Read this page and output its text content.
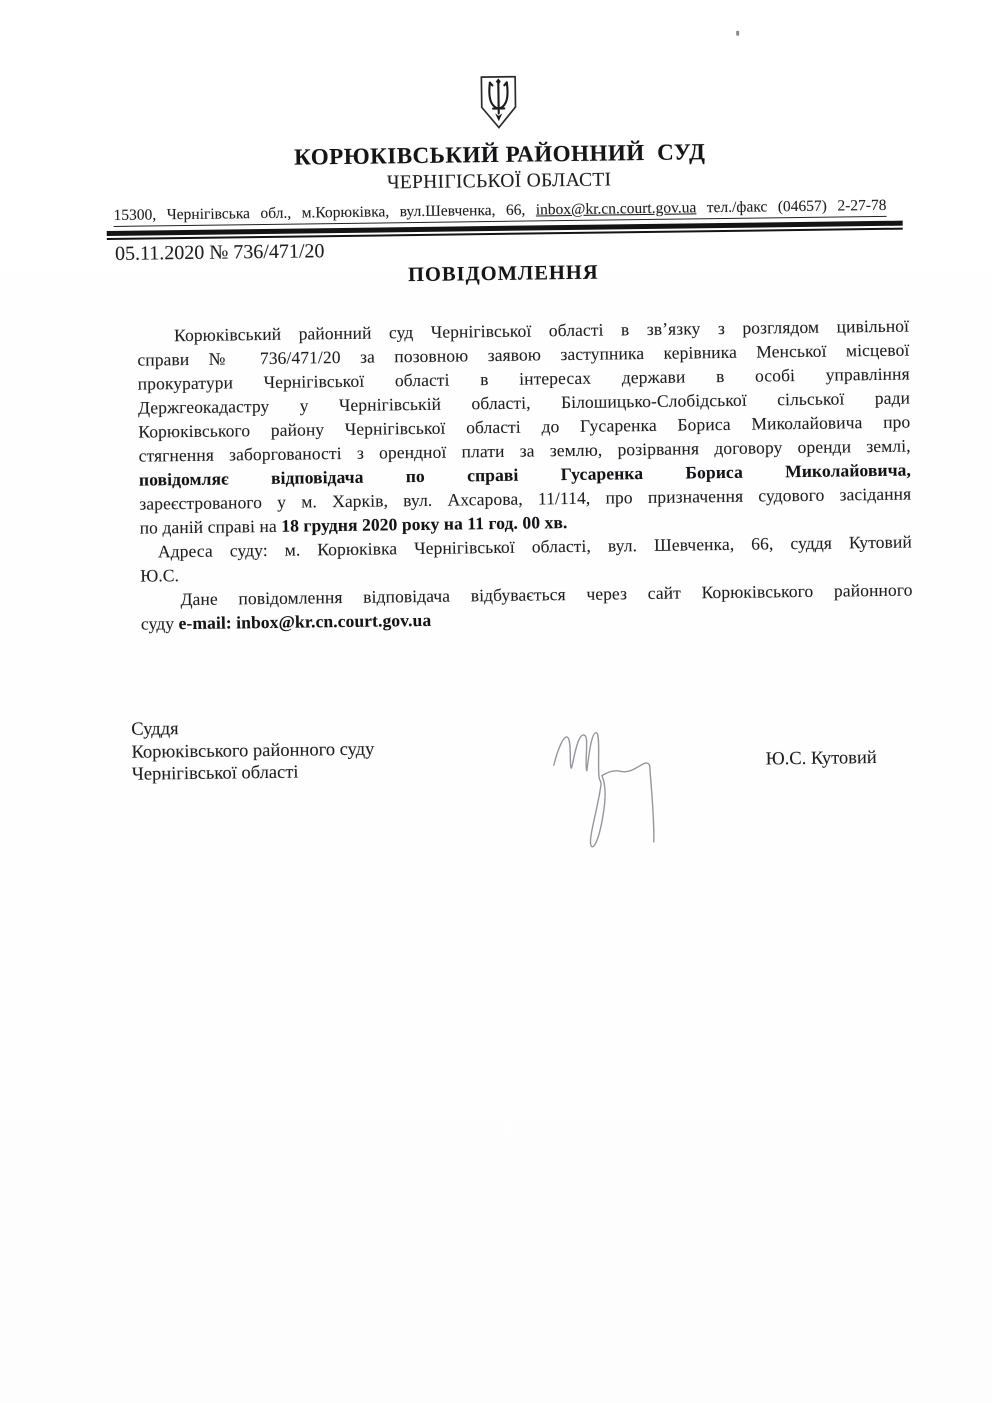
КОРЮКІВСЬКИЙ РАЙОННИЙ  СУД
ЧЕРНІГІСЬКОЇ ОБЛАСТІ
15300, Чернігівська обл., м.Корюківка, вул.Шевченка, 66, inbox@kr.cn.court.gov.ua тел./факс (04657) 2-27-78
05.11.2020 № 736/471/20
ПОВІДОМЛЕННЯ
Корюківський районний суд Чернігівської області в зв’язку з розглядом цивільної
справи № 736/471/20 за позовною заявою заступника керівника Менської місцевої
прокуратури Чернігівської області в інтересах держави в особі управління
Держгеокадастру у Чернігівській області, Білошицько-Слобідської сільської ради
Корюківського району Чернігівської області до Гусаренка Бориса Миколайовича про
стягнення заборгованості з орендної плати за землю, розірвання договору оренди землі,
повідомляє відповідача по справі Гусаренка Бориса Миколайовича,
зареєстрованого у м. Харків, вул. Ахсарова, 11/114, про призначення судового засідання
по даній справі на 18 грудня 2020 року на 11 год. 00 хв.
Адреса суду: м. Корюківка Чернігівської області, вул. Шевченка, 66, суддя Кутовий
Ю.С.
Дане повідомлення відповідача відбувається через сайт Корюківського районного
суду e-mail: inbox@kr.cn.court.gov.ua
Суддя
Корюківського районного суду
Чернігівської області
Ю.С. Кутовий
